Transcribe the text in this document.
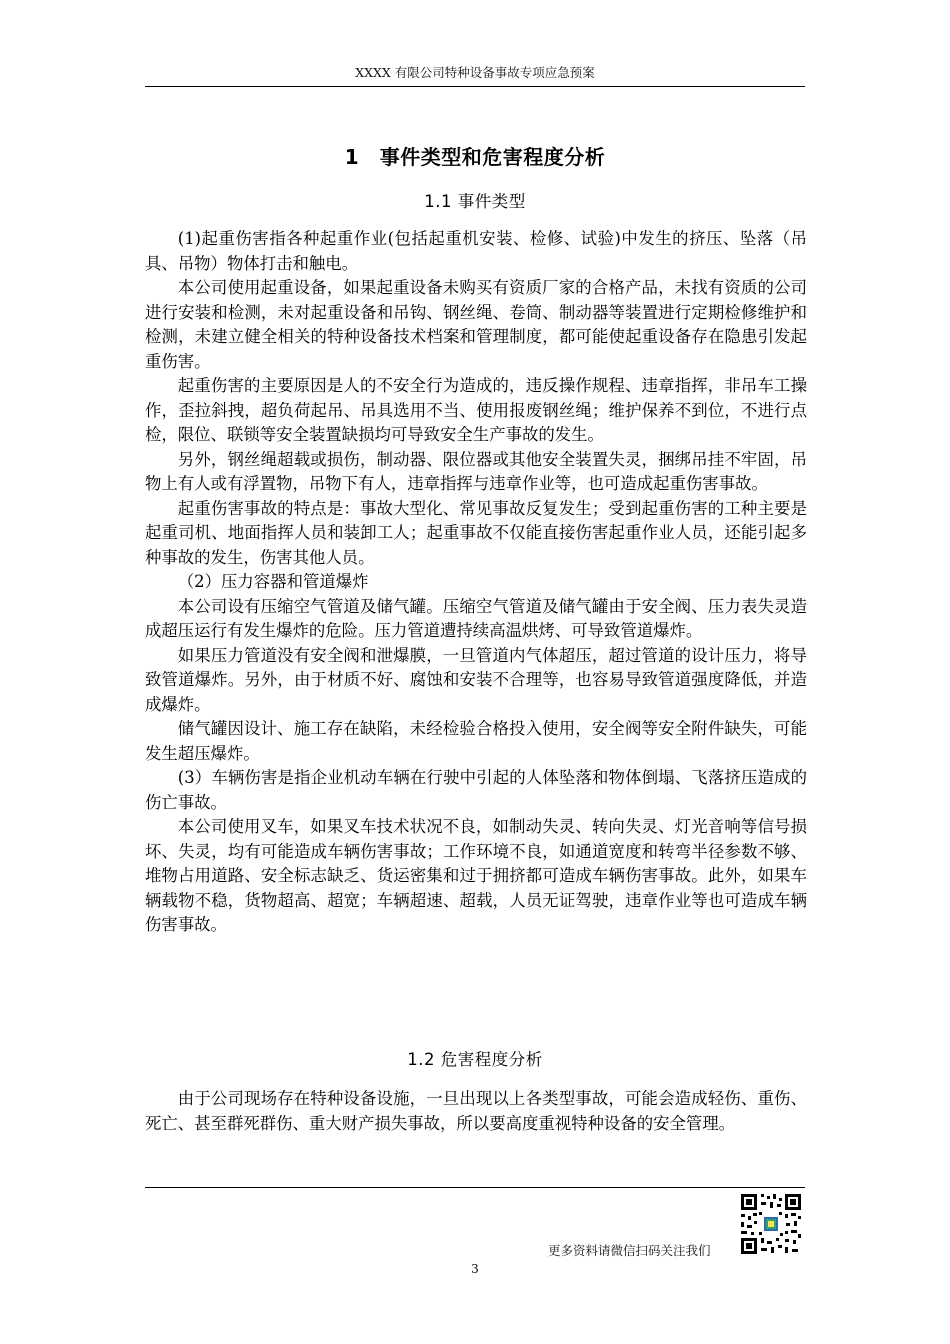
XXXX 有限公司特种设备事故专项应急预案
1　事件类型和危害程度分析
1.1 事件类型

(1)起重伤害指各种起重作业(包括起重机安装、检修、试验)中发生的挤压、坠落（吊具、吊物）物体打击和触电。

本公司使用起重设备，如果起重设备未购买有资质厂家的合格产品，未找有资质的公司进行安装和检测，未对起重设备和吊钩、钢丝绳、卷筒、制动器等装置进行定期检修维护和检测，未建立健全相关的特种设备技术档案和管理制度，都可能使起重设备存在隐患引发起重伤害。

起重伤害的主要原因是人的不安全行为造成的，违反操作规程、违章指挥，非吊车工操作，歪拉斜拽，超负荷起吊、吊具选用不当、使用报废钢丝绳；维护保养不到位，不进行点检，限位、联锁等安全装置缺损均可导致安全生产事故的发生。

另外，钢丝绳超载或损伤，制动器、限位器或其他安全装置失灵，捆绑吊挂不牢固，吊物上有人或有浮置物，吊物下有人，违章指挥与违章作业等，也可造成起重伤害事故。

起重伤害事故的特点是：事故大型化、常见事故反复发生；受到起重伤害的工种主要是起重司机、地面指挥人员和装卸工人；起重事故不仅能直接伤害起重作业人员，还能引起多种事故的发生，伤害其他人员。

（2）压力容器和管道爆炸

本公司设有压缩空气管道及储气罐。压缩空气管道及储气罐由于安全阀、压力表失灵造成超压运行有发生爆炸的危险。压力管道遭持续高温烘烤、可导致管道爆炸。

如果压力管道没有安全阀和泄爆膜，一旦管道内气体超压，超过管道的设计压力，将导致管道爆炸。另外，由于材质不好、腐蚀和安装不合理等，也容易导致管道强度降低，并造成爆炸。

储气罐因设计、施工存在缺陷，未经检验合格投入使用，安全阀等安全附件缺失，可能发生超压爆炸。

(3）车辆伤害是指企业机动车辆在行驶中引起的人体坠落和物体倒塌、飞落挤压造成的伤亡事故。

本公司使用叉车，如果叉车技术状况不良，如制动失灵、转向失灵、灯光音响等信号损坏、失灵，均有可能造成车辆伤害事故；工作环境不良，如通道宽度和转弯半径参数不够、堆物占用道路、安全标志缺乏、货运密集和过于拥挤都可造成车辆伤害事故。此外，如果车辆载物不稳，货物超高、超宽；车辆超速、超载，人员无证驾驶，违章作业等也可造成车辆伤害事故。

1.2 危害程度分析

由于公司现场存在特种设备设施，一旦出现以上各类型事故，可能会造成轻伤、重伤、死亡、甚至群死群伤、重大财产损失事故，所以要高度重视特种设备的安全管理。

更多资料请微信扫码关注我们
3
